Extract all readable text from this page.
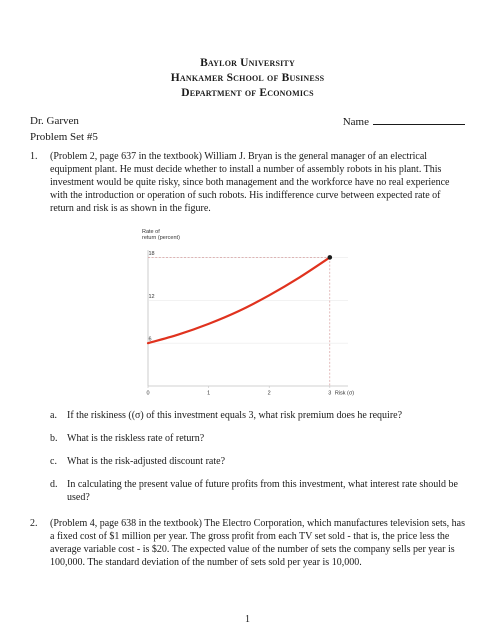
Baylor University
Hankamer School of Business
Department of Economics
Dr. Garven	Name
Problem Set #5
1.	(Problem 2, page 637 in the textbook) William J. Bryan is the general manager of an electrical equipment plant. He must decide whether to install a number of assembly robots in his plant. This investment would be quite risky, since both management and the workforce have no real experience with the introduction or operation of such robots. His indifference curve between expected rate of return and risk is as shown in the figure.
Rate of
return (percent)
6
12
18
0	1	2	3 Risk (σ)
a.	If the riskiness ((σ) of this investment equals 3, what risk premium does he require?
b. What is the riskless rate of return?
c.	What is the risk-adjusted discount rate?
d. In calculating the present value of future profits from this investment, what interest rate should be used?
2.	(Problem 4, page 638 in the textbook) The Electro Corporation, which manufactures television sets, has a fixed cost of $1 million per year. The gross profit from each TV set sold - that is, the price less the average variable cost - is $20. The expected value of the number of sets the company sells per year is 100,000. The standard deviation of the number of sets sold per year is 10,000.
1
